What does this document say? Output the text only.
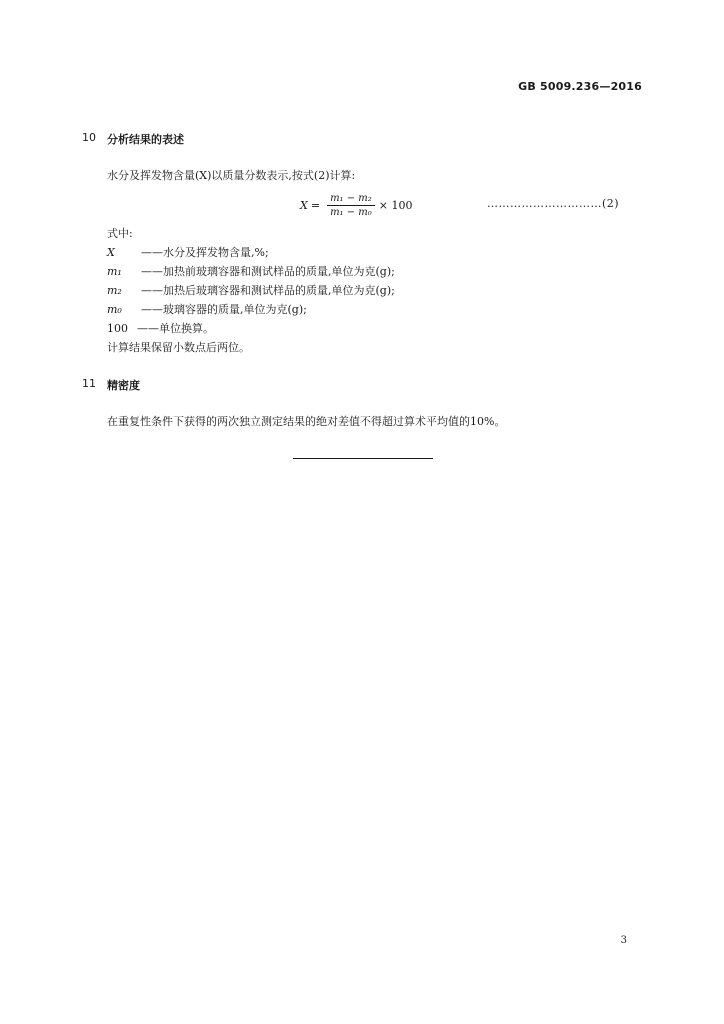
GB 5009.236—2016
10 分析结果的表述
水分及挥发物含量(X)以质量分数表示,按式(2)计算:
$X = \frac{\text{m₁ − m₂}}{\text{m₁ − m₀}} \times 100$	…………………………(2)
式中:
X ——水分及挥发物含量,%;
m₁ ——加热前玻璃容器和测试样品的质量,单位为克(g);
m₂ ——加热后玻璃容器和测试样品的质量,单位为克(g);
m₀ ——玻璃容器的质量,单位为克(g);
100 ——单位换算。
计算结果保留小数点后两位。
11 精密度
在重复性条件下获得的两次独立测定结果的绝对差值不得超过算术平均值的10%。
3
